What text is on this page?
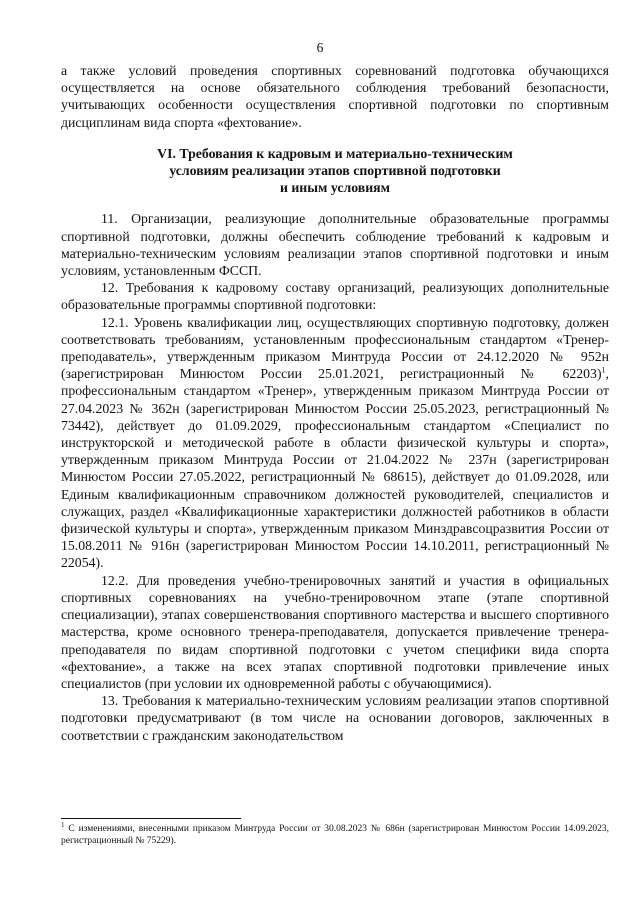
6

а также условий проведения спортивных соревнований подготовка обучающихся осуществляется на основе обязательного соблюдения требований безопасности, учитывающих особенности осуществления спортивной подготовки по спортивным дисциплинам вида спорта «фехтование».

VI. Требования к кадровым и материально-техническим
условиям реализации этапов спортивной подготовки
и иным условиям

11. Организации, реализующие дополнительные образовательные программы спортивной подготовки, должны обеспечить соблюдение требований к кадровым и материально-техническим условиям реализации этапов спортивной подготовки и иным условиям, установленным ФССП.

12. Требования к кадровому составу организаций, реализующих дополнительные образовательные программы спортивной подготовки:

12.1. Уровень квалификации лиц, осуществляющих спортивную подготовку, должен соответствовать требованиям, установленным профессиональным стандартом «Тренер-преподаватель», утвержденным приказом Минтруда России от 24.12.2020 № 952н (зарегистрирован Минюстом России 25.01.2021, регистрационный № 62203)$^1$, профессиональным стандартом «Тренер», утвержденным приказом Минтруда России от 27.04.2023 № 362н (зарегистрирован Минюстом России 25.05.2023, регистрационный № 73442), действует до 01.09.2029, профессиональным стандартом «Специалист по инструкторской и методической работе в области физической культуры и спорта», утвержденным приказом Минтруда России от 21.04.2022 № 237н (зарегистрирован Минюстом России 27.05.2022, регистрационный № 68615), действует до 01.09.2028, или Единым квалификационным справочником должностей руководителей, специалистов и служащих, раздел «Квалификационные характеристики должностей работников в области физической культуры и спорта», утвержденным приказом Минздравсоцразвития России от 15.08.2011 № 916н (зарегистрирован Минюстом России 14.10.2011, регистрационный № 22054).

12.2. Для проведения учебно-тренировочных занятий и участия в официальных спортивных соревнованиях на учебно-тренировочном этапе (этапе спортивной специализации), этапах совершенствования спортивного мастерства и высшего спортивного мастерства, кроме основного тренера-преподавателя, допускается привлечение тренера-преподавателя по видам спортивной подготовки с учетом специфики вида спорта «фехтование», а также на всех этапах спортивной подготовки привлечение иных специалистов (при условии их одновременной работы с обучающимися).

13. Требования к материально-техническим условиям реализации этапов спортивной подготовки предусматривают (в том числе на основании договоров, заключенных в соответствии с гражданским законодательством

$^1$ С изменениями, внесенными приказом Минтруда России от 30.08.2023 № 686н (зарегистрирован Минюстом России 14.09.2023, регистрационный № 75229).
